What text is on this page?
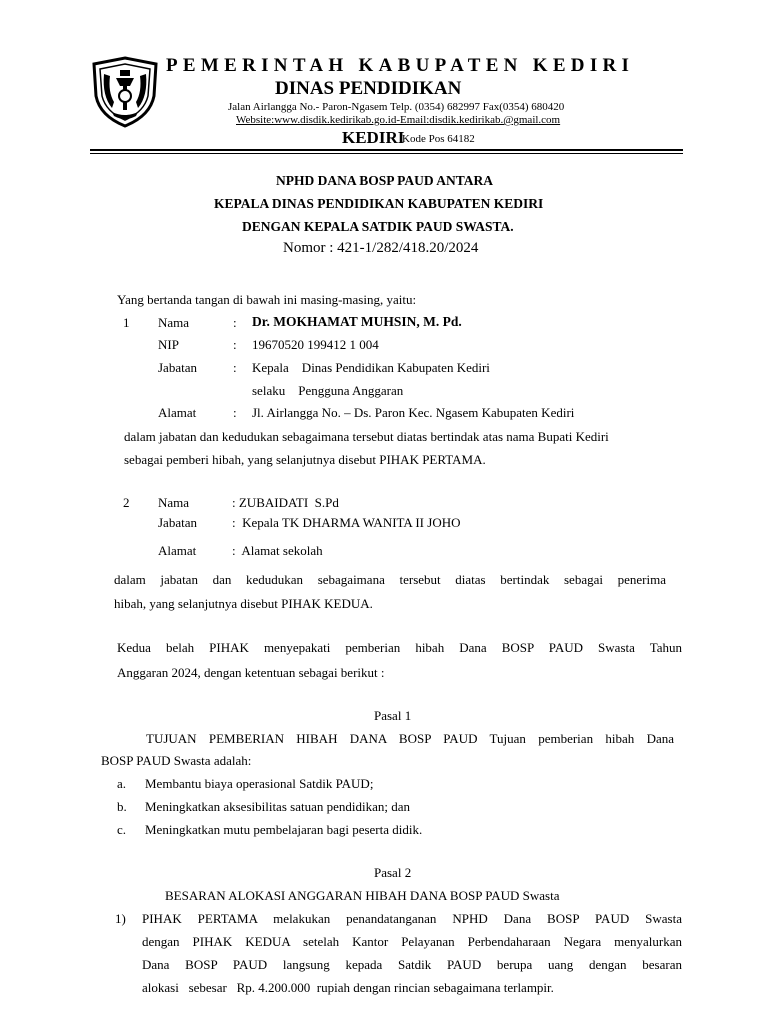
PEMERINTAH KABUPATEN KEDIRI
DINAS PENDIDIKAN
Jalan Airlangga No.- Paron-Ngasem Telp. (0354) 682997 Fax(0354) 680420
Website:www.disdik.kedirikab.go.id-Email:disdik.kedirikab.@gmail.com
KEDIRI
Kode Pos 64182
NPHD DANA BOSP PAUD ANTARA
KEPALA DINAS PENDIDIKAN KABUPATEN KEDIRI
DENGAN KEPALA SATDIK PAUD SWASTA.
Nomor : 421-1/282/418.20/2024
Yang bertanda tangan di bawah ini masing-masing, yaitu:
1 Nama	: Dr. MOKHAMAT MUHSIN, M. Pd.
NIP	: 19670520 199412 1 004
Jabatan	: Kepala    Dinas Pendidikan Kabupaten Kediri
selaku    Pengguna Anggaran
Alamat	: Jl. Airlangga No. – Ds. Paron Kec. Ngasem Kabupaten Kediri
dalam jabatan dan kedudukan sebagaimana tersebut diatas bertindak atas nama Bupati Kediri
sebagai pemberi hibah, yang selanjutnya disebut PIHAK PERTAMA.
2 Nama	: ZUBAIDATI  S.Pd
Jabatan	:  Kepala TK DHARMA WANITA II JOHO
Alamat	:  Alamat sekolah
dalam jabatan dan kedudukan sebagaimana tersebut diatas bertindak sebagai penerima
hibah, yang selanjutnya disebut PIHAK KEDUA.
Kedua belah PIHAK menyepakati pemberian hibah Dana BOSP PAUD Swasta Tahun
Anggaran 2024, dengan ketentuan sebagai berikut :
Pasal 1
TUJUAN PEMBERIAN HIBAH DANA BOSP PAUD Tujuan pemberian hibah Dana
BOSP PAUD Swasta adalah:
a. Membantu biaya operasional Satdik PAUD;
b. Meningkatkan aksesibilitas satuan pendidikan; dan
c. Meningkatkan mutu pembelajaran bagi peserta didik.
Pasal 2
BESARAN ALOKASI ANGGARAN HIBAH DANA BOSP PAUD Swasta
1) PIHAK PERTAMA melakukan penandatanganan NPHD Dana BOSP PAUD Swasta
dengan PIHAK KEDUA setelah Kantor Pelayanan Perbendaharaan Negara menyalurkan
Dana BOSP PAUD langsung kepada Satdik PAUD berupa uang dengan besaran
alokasi   sebesar   Rp. 4.200.000  rupiah dengan rincian sebagaimana terlampir.
